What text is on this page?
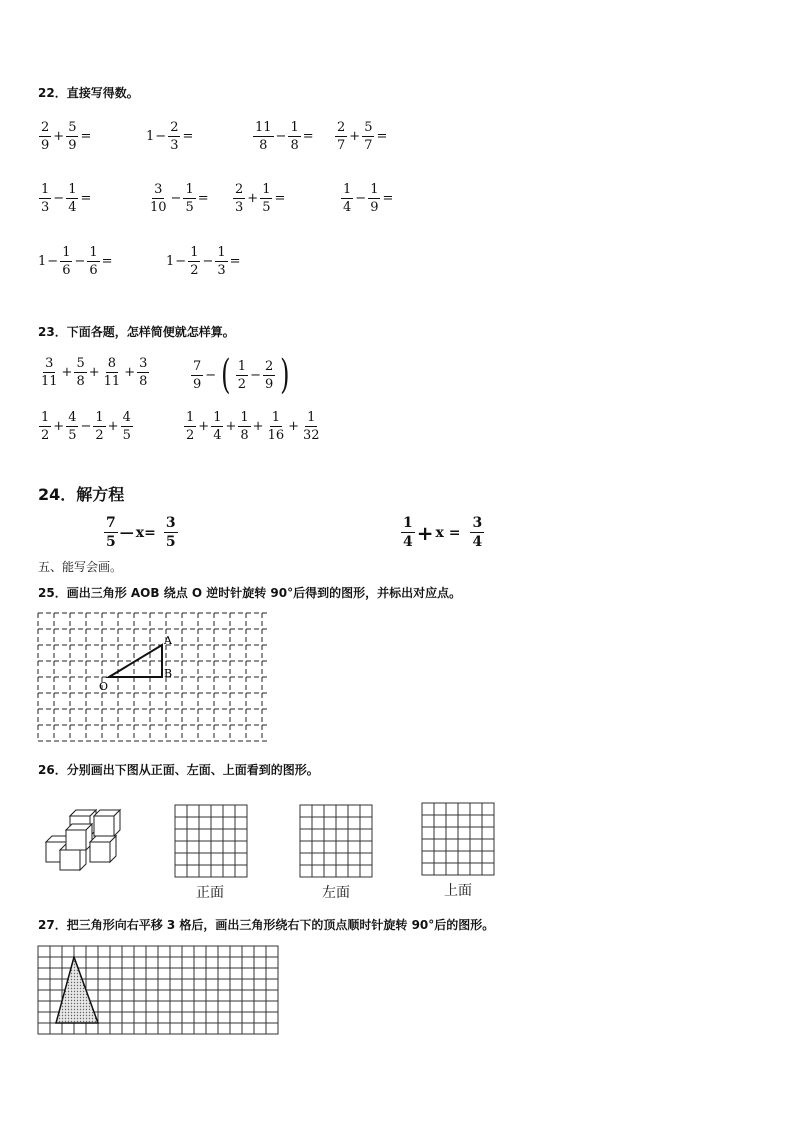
22．直接写得数。
$\frac{2}{9} + \frac{5}{9}$ =	$1 - \frac{2}{3}$ =	$\frac{11}{8} - \frac{1}{8} = \frac{2}{7} + \frac{5}{7}$ =
$\frac{1}{3} - \frac{1}{4}$ =	$\frac{3}{10} - \frac{1}{5} = \frac{2}{3} + \frac{1}{5}$ =	$\frac{1}{4} - \frac{1}{9}$ =
$1 - \frac{1}{6} - \frac{1}{6}$ =	$1 - \frac{1}{2} - \frac{1}{3}$ =
23．下面各题，怎样简便就怎样算。
$\frac{3}{11} + \frac{5}{8} + \frac{8}{11} + \frac{3}{8}$	$\frac{7}{9}$ − ( $\frac{1}{2} - \frac{2}{9}$ )
$\frac{1}{2} + \frac{4}{5} - \frac{1}{2} + \frac{4}{5}$	$\frac{1}{2} + \frac{1}{4} + \frac{1}{8} + \frac{1}{16} + \frac{1}{32}$
24．解方程
$\frac{7}{5}$ — $x= \frac{3}{5}$	$\frac{1}{4} + x = \frac{3}{4}$
五、能写会画。
25．画出三角形 AOB 绕点 O 逆时针旋转 90°后得到的图形，并标出对应点。
A
B
O
26．分别画出下图从正面、左面、上面看到的图形。
正面	左面	上面
27．把三角形向右平移 3 格后，画出三角形绕右下的顶点顺时针旋转 90°后的图形。
